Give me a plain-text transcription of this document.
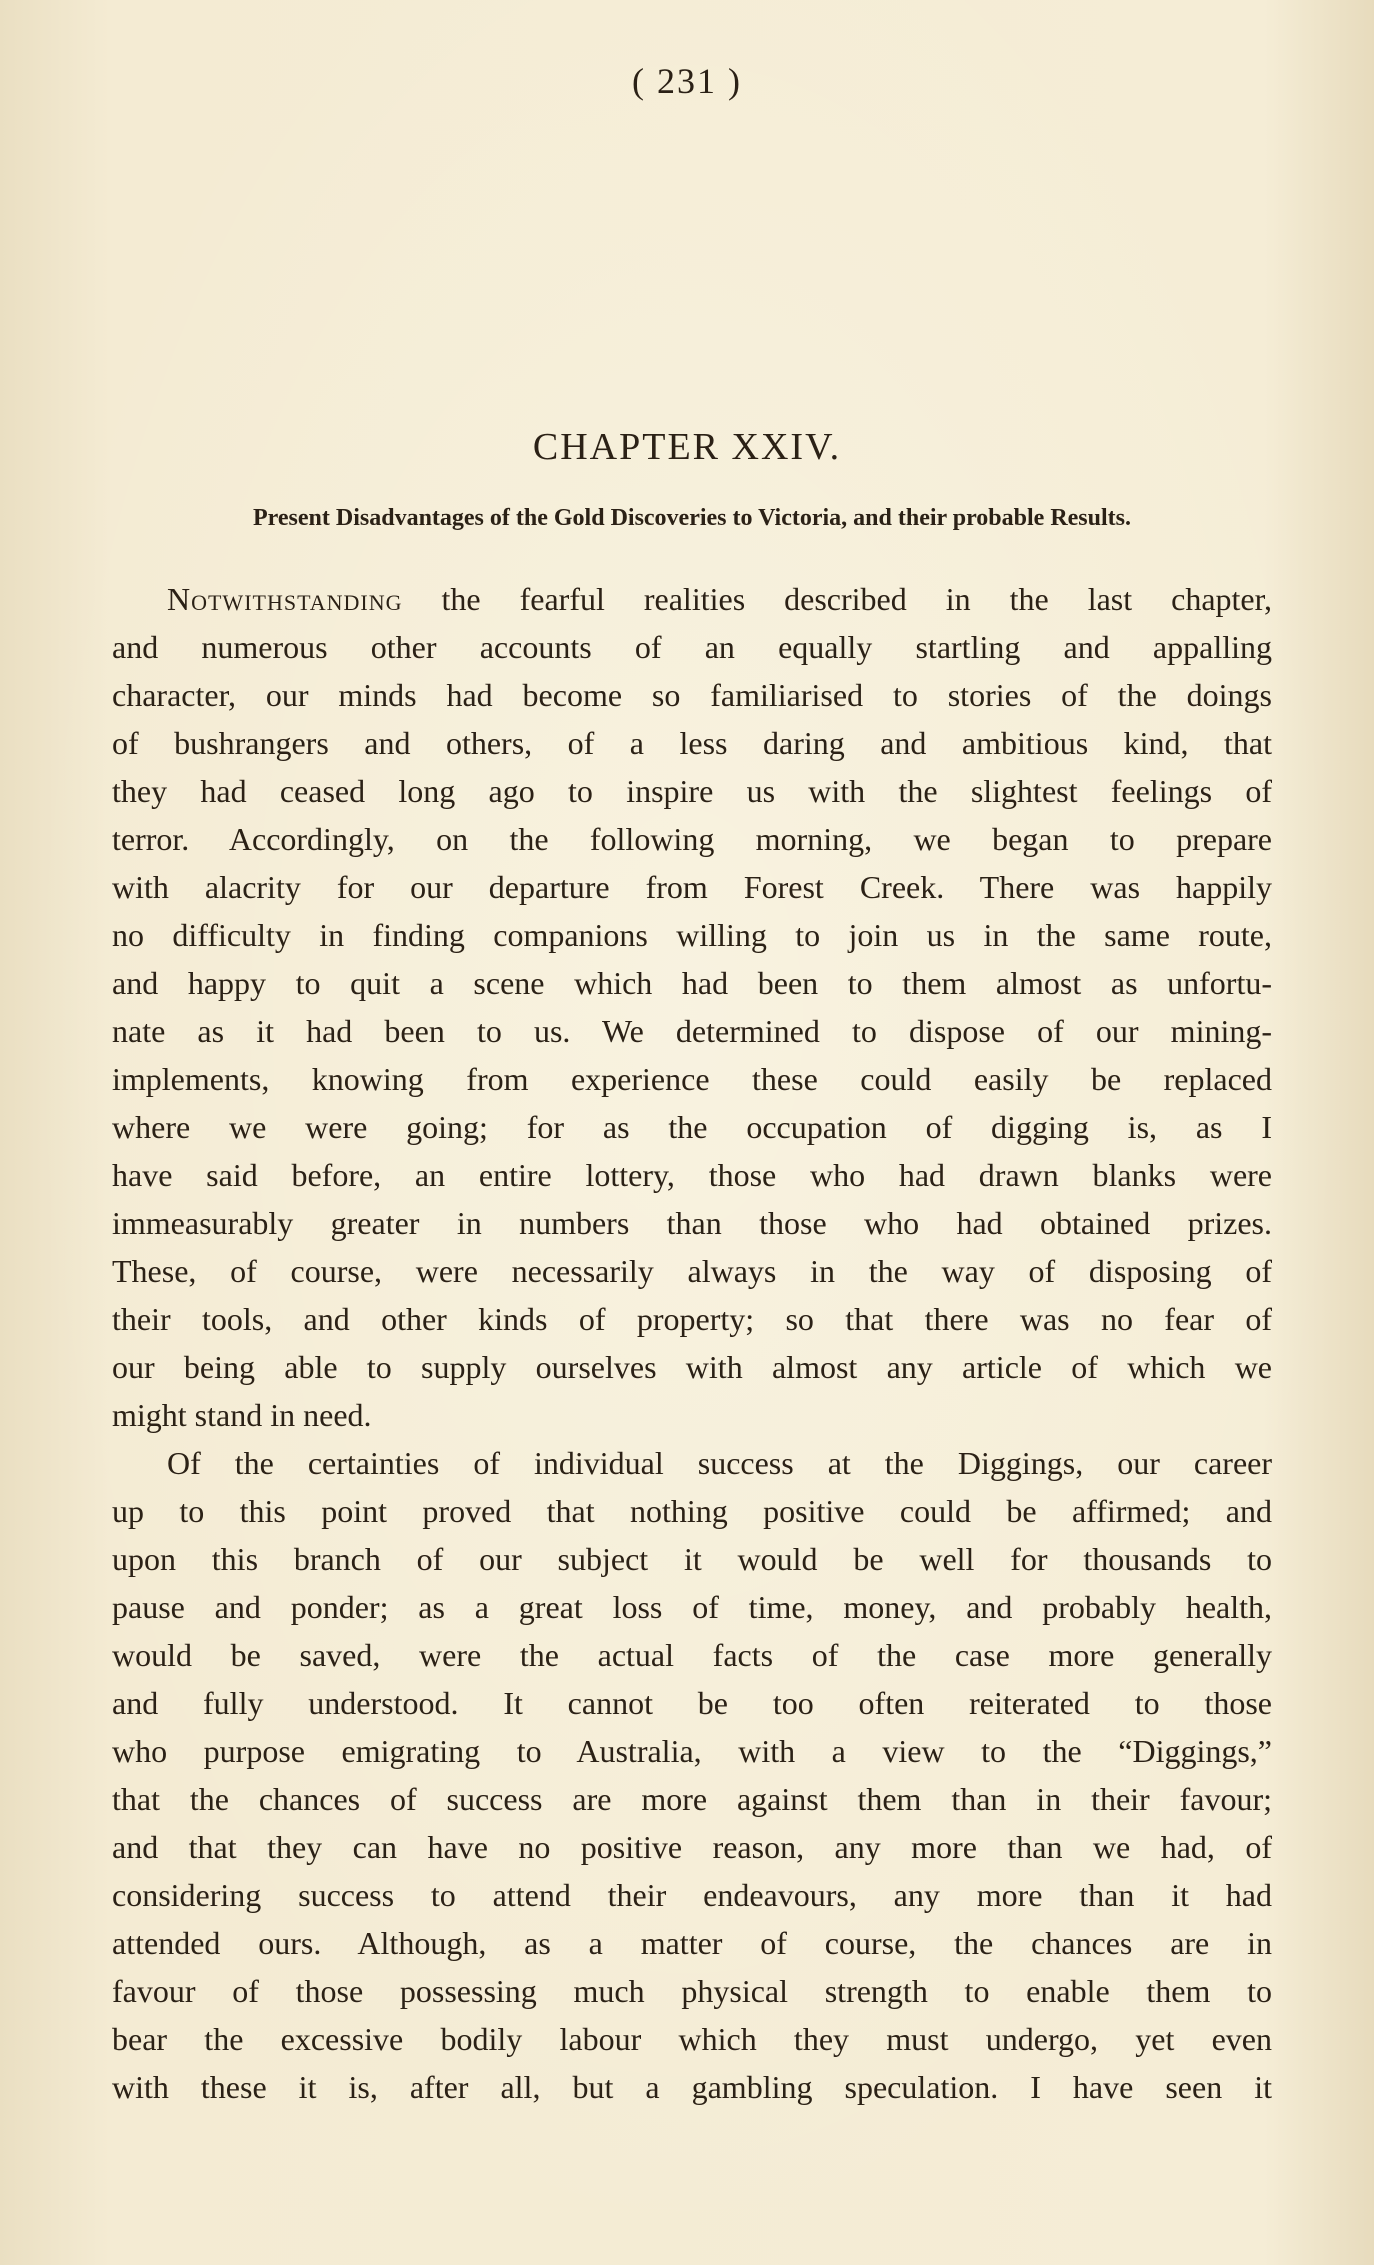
( 231 )
CHAPTER XXIV.
Present Disadvantages of the Gold Discoveries to Victoria, and their probable Results.
Notwithstanding the fearful realities described in the last chapter,
and numerous other accounts of an equally startling and appalling
character, our minds had become so familiarised to stories of the doings
of bushrangers and others, of a less daring and ambitious kind, that
they had ceased long ago to inspire us with the slightest feelings of
terror. Accordingly, on the following morning, we began to prepare
with alacrity for our departure from Forest Creek. There was happily
no difficulty in finding companions willing to join us in the same route,
and happy to quit a scene which had been to them almost as unfortu-
nate as it had been to us. We determined to dispose of our mining-
implements, knowing from experience these could easily be replaced
where we were going; for as the occupation of digging is, as I
have said before, an entire lottery, those who had drawn blanks were
immeasurably greater in numbers than those who had obtained prizes.
These, of course, were necessarily always in the way of disposing of
their tools, and other kinds of property; so that there was no fear of
our being able to supply ourselves with almost any article of which we
might stand in need.
Of the certainties of individual success at the Diggings, our career
up to this point proved that nothing positive could be affirmed; and
upon this branch of our subject it would be well for thousands to
pause and ponder; as a great loss of time, money, and probably health,
would be saved, were the actual facts of the case more generally
and fully understood. It cannot be too often reiterated to those
who purpose emigrating to Australia, with a view to the “Diggings,”
that the chances of success are more against them than in their favour;
and that they can have no positive reason, any more than we had, of
considering success to attend their endeavours, any more than it had
attended ours. Although, as a matter of course, the chances are in
favour of those possessing much physical strength to enable them to
bear the excessive bodily labour which they must undergo, yet even
with these it is, after all, but a gambling speculation. I have seen it
